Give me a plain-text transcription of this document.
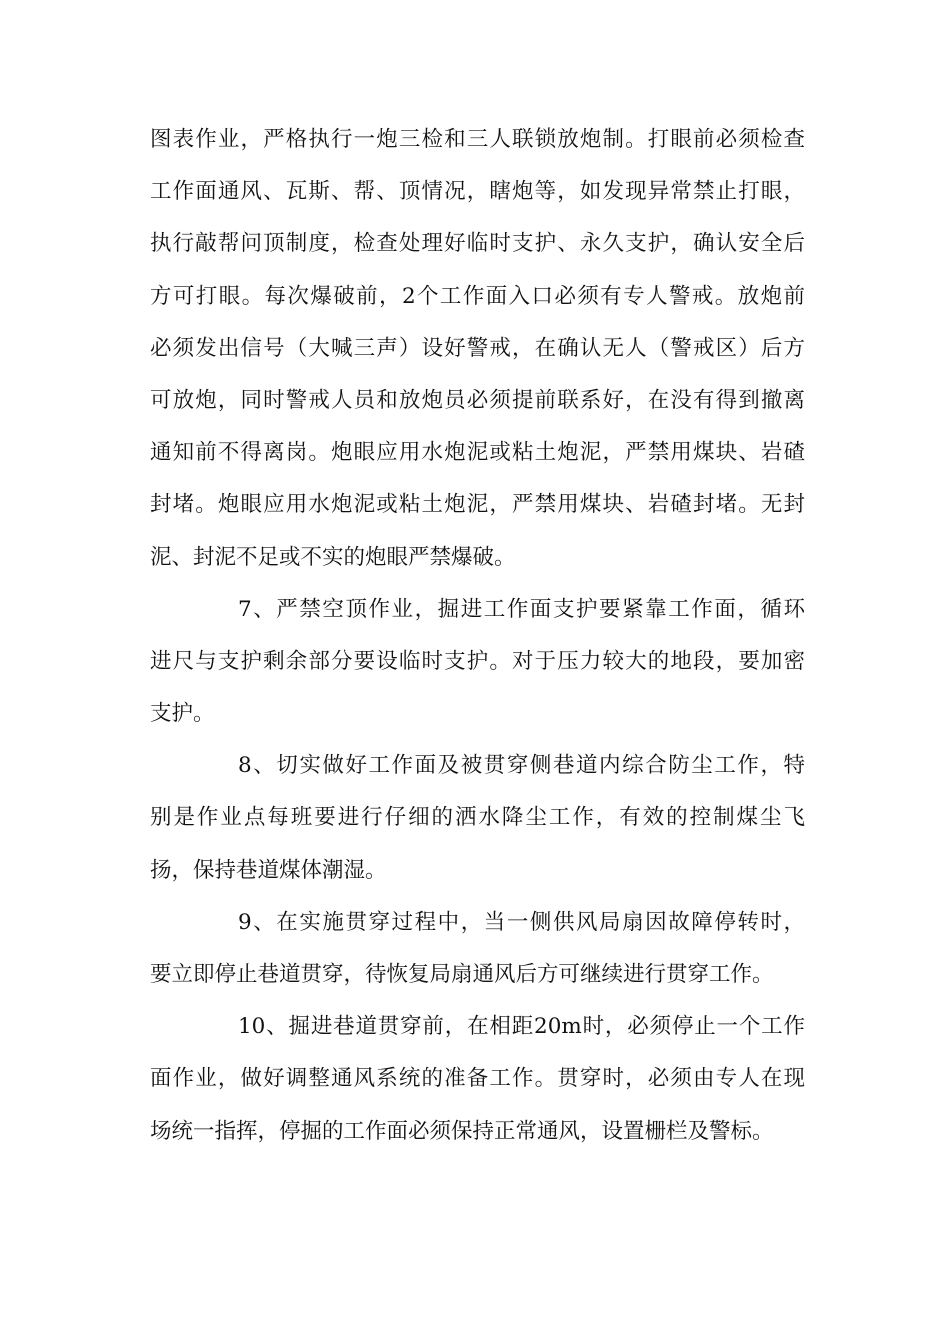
图表作业，严格执行一炮三检和三人联锁放炮制。打眼前必须检查
工作面通风、瓦斯、帮、顶情况，瞎炮等，如发现异常禁止打眼，
执行敲帮问顶制度，检查处理好临时支护、永久支护，确认安全后
方可打眼。每次爆破前，2个工作面入口必须有专人警戒。放炮前
必须发出信号（大喊三声）设好警戒，在确认无人（警戒区）后方
可放炮，同时警戒人员和放炮员必须提前联系好，在没有得到撤离
通知前不得离岗。炮眼应用水炮泥或粘土炮泥，严禁用煤块、岩碴
封堵。炮眼应用水炮泥或粘土炮泥，严禁用煤块、岩碴封堵。无封
泥、封泥不足或不实的炮眼严禁爆破。
7、严禁空顶作业，掘进工作面支护要紧靠工作面，循环
进尺与支护剩余部分要设临时支护。对于压力较大的地段，要加密
支护。
8、切实做好工作面及被贯穿侧巷道内综合防尘工作，特
别是作业点每班要进行仔细的洒水降尘工作，有效的控制煤尘飞
扬，保持巷道煤体潮湿。
9、在实施贯穿过程中，当一侧供风局扇因故障停转时，
要立即停止巷道贯穿，待恢复局扇通风后方可继续进行贯穿工作。
10、掘进巷道贯穿前，在相距20m时，必须停止一个工作
面作业，做好调整通风系统的准备工作。贯穿时，必须由专人在现
场统一指挥，停掘的工作面必须保持正常通风，设置栅栏及警标。
